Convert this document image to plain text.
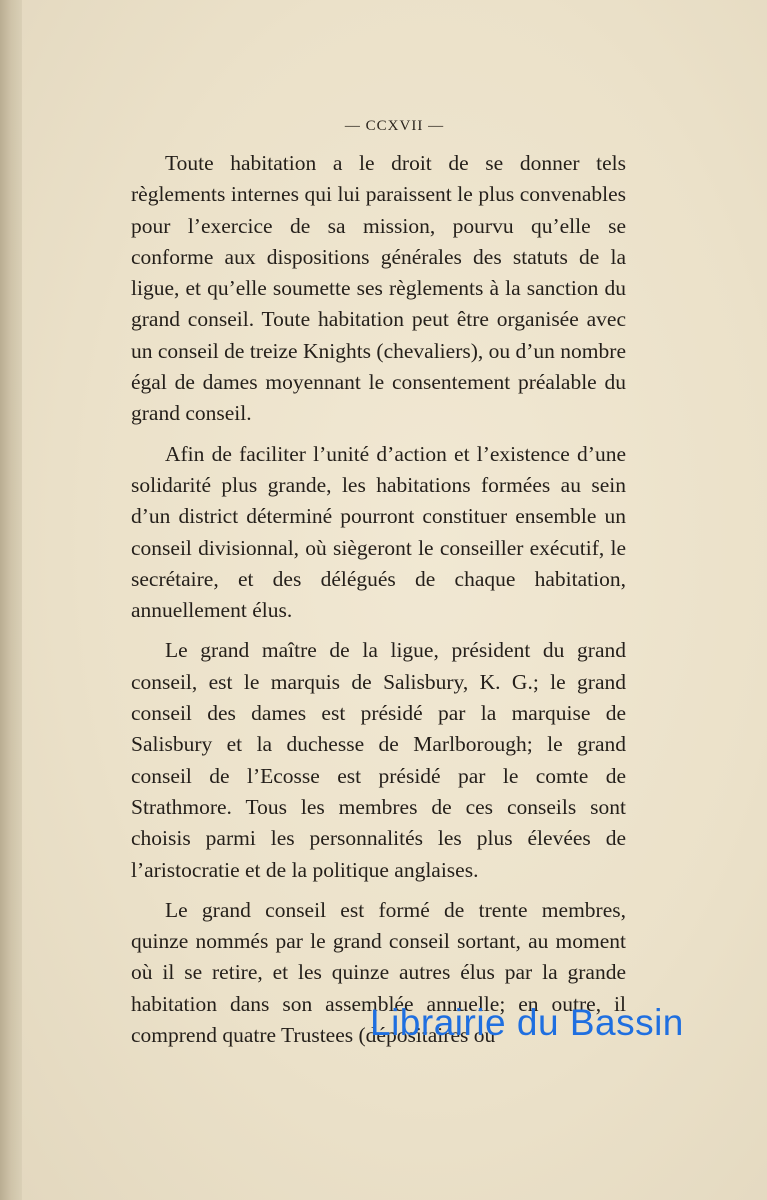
— CCXVII —

Toute habitation a le droit de se donner tels règlements internes qui lui paraissent le plus convenables pour l’exercice de sa mission, pourvu qu’elle se conforme aux dispositions générales des statuts de la ligue, et qu’elle soumette ses règlements à la sanction du grand conseil. Toute habitation peut être organisée avec un conseil de treize Knights (chevaliers), ou d’un nombre égal de dames moyennant le consentement préalable du grand conseil.

Afin de faciliter l’unité d’action et l’existence d’une solidarité plus grande, les habitations formées au sein d’un district déterminé pourront constituer ensemble un conseil divisionnal, où siègeront le conseiller exécutif, le secrétaire, et des délégués de chaque habitation, annuellement élus.

Le grand maître de la ligue, président du grand conseil, est le marquis de Salisbury, K. G.; le grand conseil des dames est présidé par la marquise de Salisbury et la duchesse de Marlborough; le grand conseil de l’Ecosse est présidé par le comte de Strathmore. Tous les membres de ces conseils sont choisis parmi les personnalités les plus élevées de l’aristocratie et de la politique anglaises.

Le grand conseil est formé de trente membres, quinze nommés par le grand conseil sortant, au moment où il se retire, et les quinze autres élus par la grande habitation dans son assemblée annuelle; en outre, il comprend quatre Trustees (dépositaires ou

Librairie du Bassin
